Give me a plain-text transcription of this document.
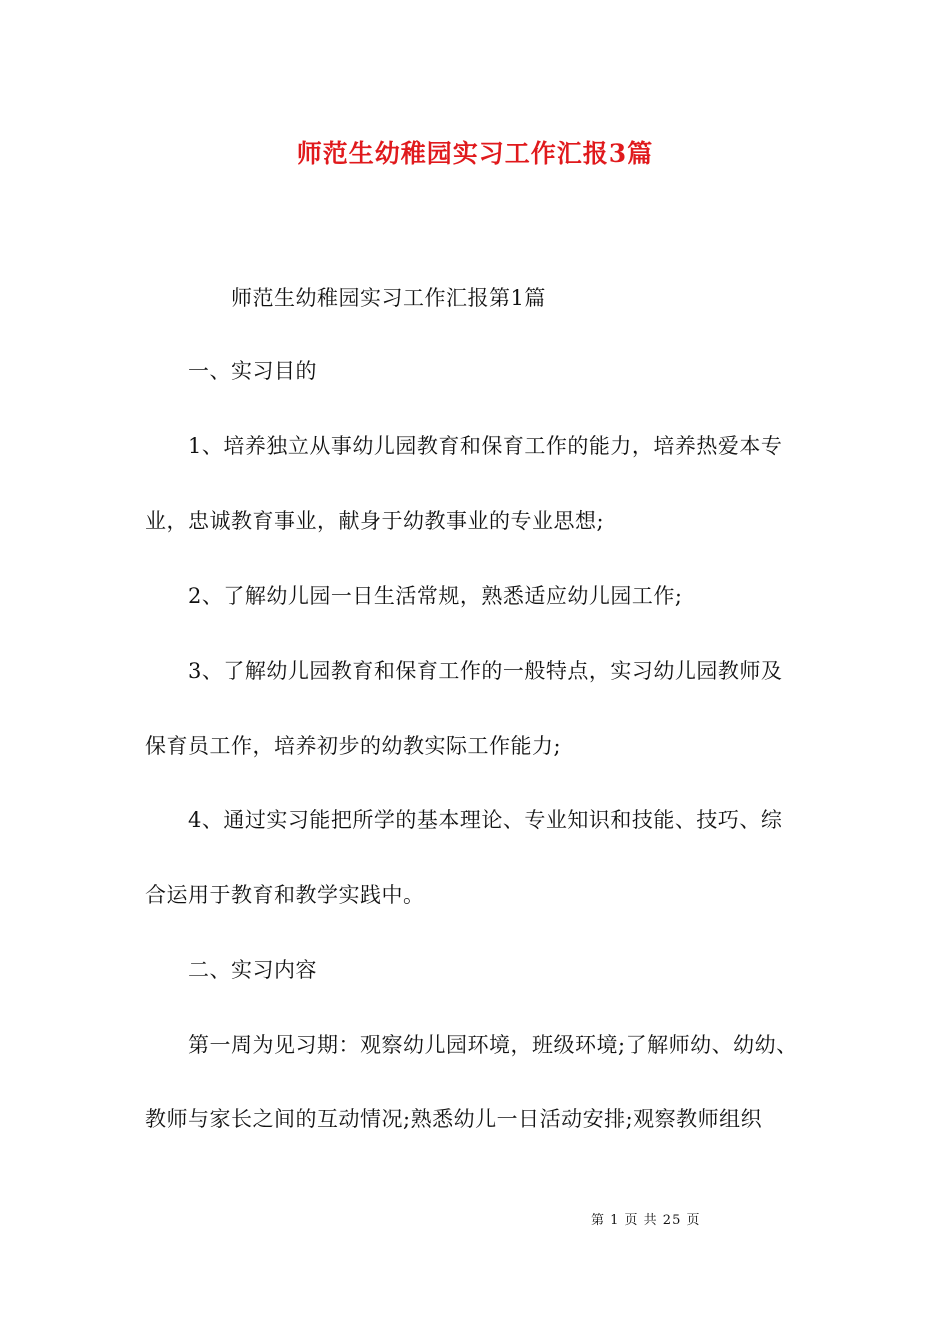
师范生幼稚园实习工作汇报3篇
师范生幼稚园实习工作汇报第1篇
一、实习目的
1、培养独立从事幼儿园教育和保育工作的能力，培养热爱本专
业，忠诚教育事业，献身于幼教事业的专业思想;
2、了解幼儿园一日生活常规，熟悉适应幼儿园工作;
3、了解幼儿园教育和保育工作的一般特点，实习幼儿园教师及
保育员工作，培养初步的幼教实际工作能力;
4、通过实习能把所学的基本理论、专业知识和技能、技巧、综
合运用于教育和教学实践中。
二、实习内容
第一周为见习期：观察幼儿园环境，班级环境;了解师幼、幼幼、
教师与家长之间的互动情况;熟悉幼儿一日活动安排;观察教师组织
第 1 页 共 25 页
